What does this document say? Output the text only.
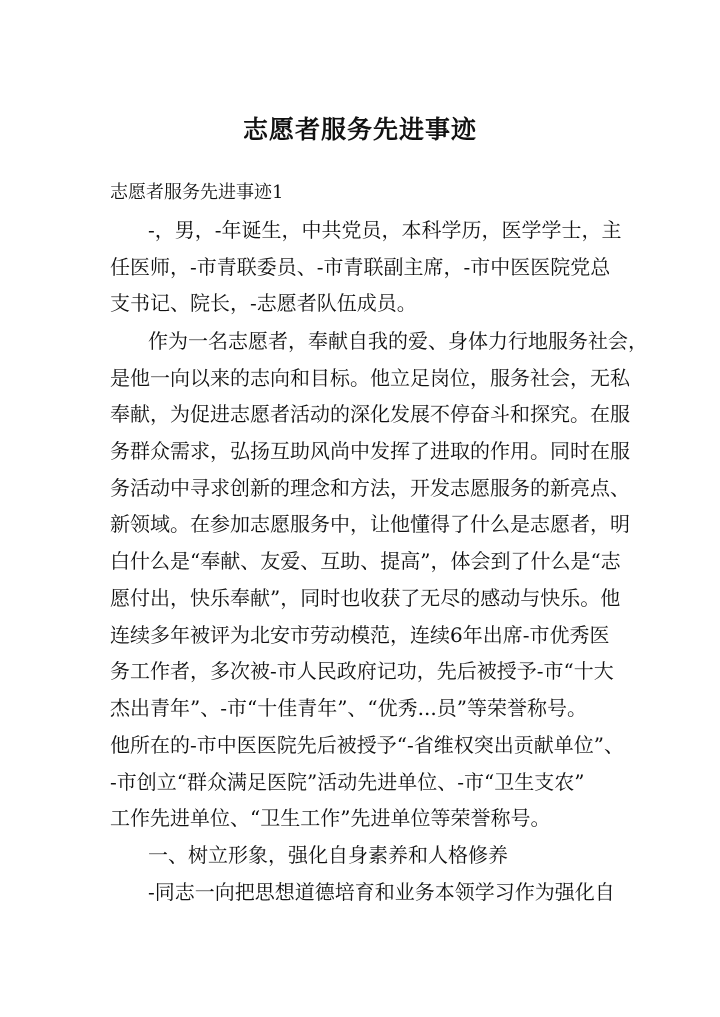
志愿者服务先进事迹

志愿者服务先进事迹1

-，男，-年诞生，中共党员，本科学历，医学学士，主

任医师，-市青联委员、-市青联副主席，-市中医医院党总

支书记、院长，-志愿者队伍成员。

作为一名志愿者，奉献自我的爱、身体力行地服务社会，

是他一向以来的志向和目标。他立足岗位，服务社会，无私

奉献，为促进志愿者活动的深化发展不停奋斗和探究。在服

务群众需求，弘扬互助风尚中发挥了进取的作用。同时在服

务活动中寻求创新的理念和方法，开发志愿服务的新亮点、

新领域。在参加志愿服务中，让他懂得了什么是志愿者，明

白什么是“奉献、友爱、互助、提高”，体会到了什么是“志

愿付出，快乐奉献”，同时也收获了无尽的感动与快乐。他

连续多年被评为北安市劳动模范，连续6年出席-市优秀医

务工作者，多次被-市人民政府记功，先后被授予-市“十大

杰出青年”、-市“十佳青年”、“优秀...员”等荣誉称号。

他所在的-市中医医院先后被授予“-省维权突出贡献单位”、

-市创立“群众满足医院”活动先进单位、-市“卫生支农”

工作先进单位、“卫生工作”先进单位等荣誉称号。

一、树立形象，强化自身素养和人格修养

-同志一向把思想道德培育和业务本领学习作为强化自
